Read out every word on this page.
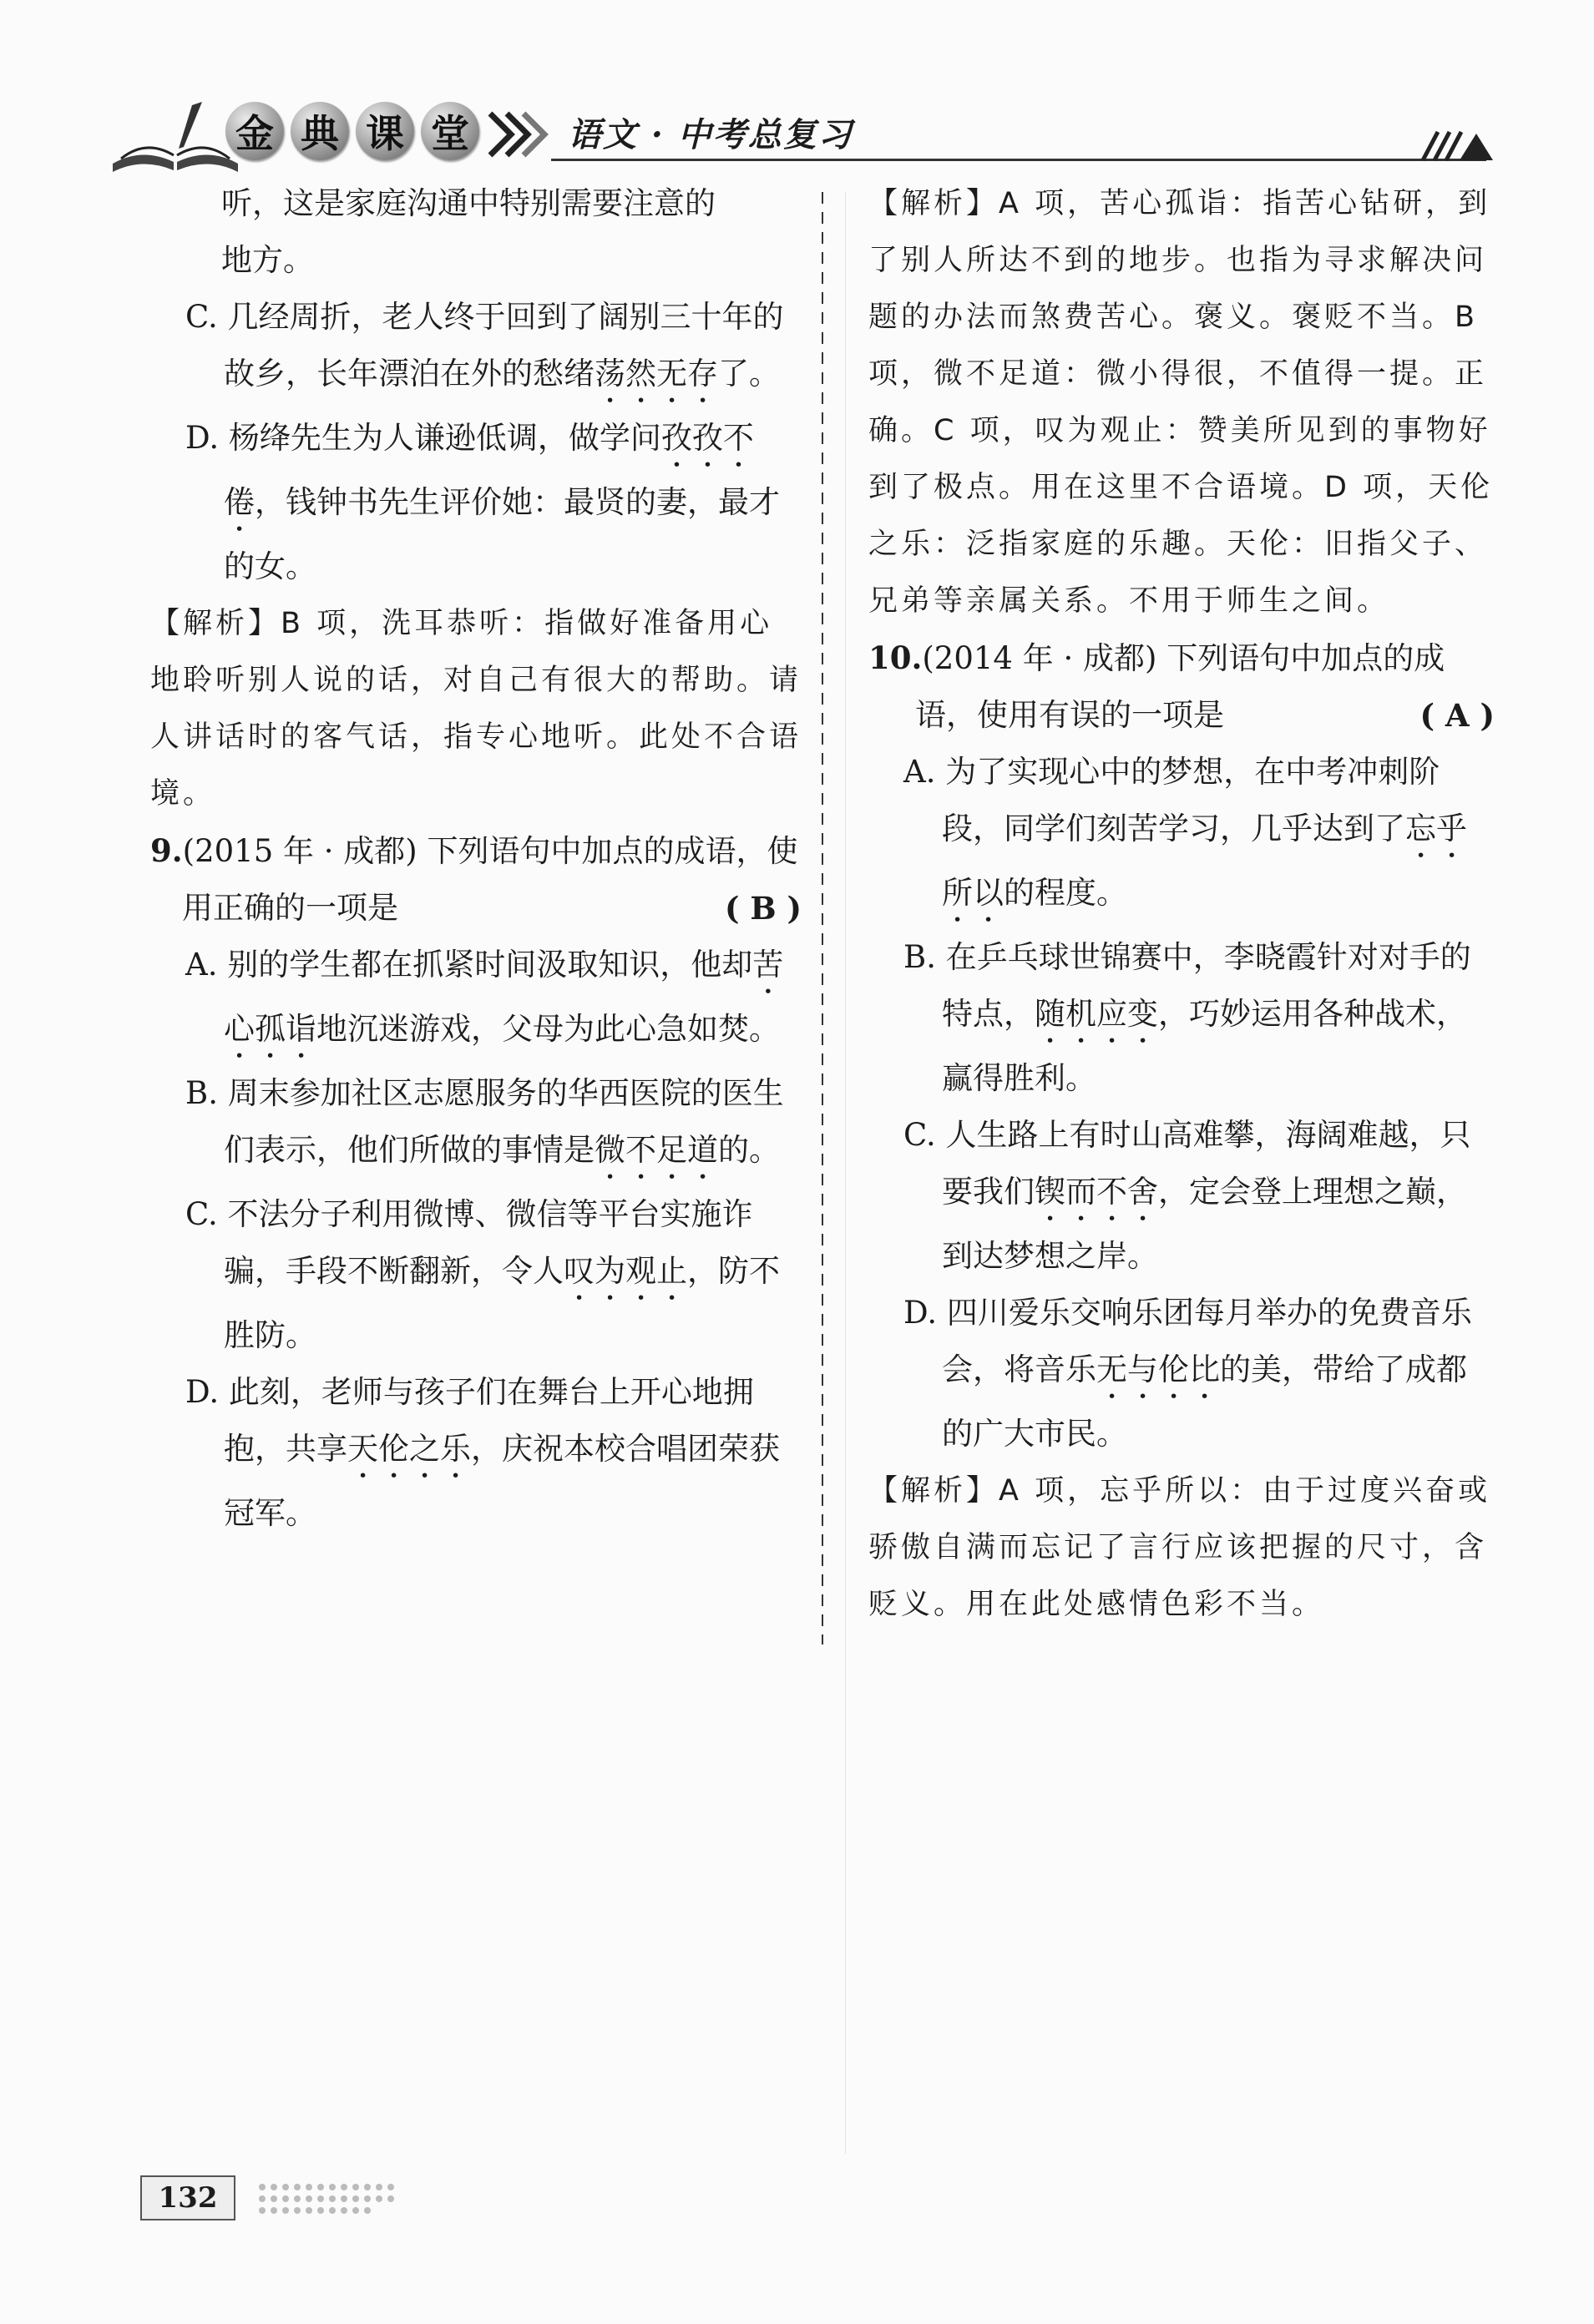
金 典 课 堂	语文 · 中考总复习

听，这是家庭沟通中特别需要注意的
地方。

C. 几经周折，老人终于回到了阔别三十年的故乡，长年漂泊在外的愁绪荡然无存了。

D. 杨绛先生为人谦逊低调，做学问孜孜不倦，钱钟书先生评价她：最贤的妻，最才的女。

【解析】B 项，洗耳恭听：指做好准备用心地聆听别人说的话，对自己有很大的帮助。请人讲话时的客气话，指专心地听。此处不合语境。

9.(2015 年 · 成都) 下列语句中加点的成语，使用正确的一项是	( B )

A. 别的学生都在抓紧时间汲取知识，他却苦心孤诣地沉迷游戏，父母为此心急如焚。

B. 周末参加社区志愿服务的华西医院的医生们表示，他们所做的事情是微不足道的。

C. 不法分子利用微博、微信等平台实施诈骗，手段不断翻新，令人叹为观止，防不胜防。

D. 此刻，老师与孩子们在舞台上开心地拥抱，共享天伦之乐，庆祝本校合唱团荣获冠军。

【解析】A 项，苦心孤诣：指苦心钻研，到了别人所达不到的地步。也指为寻求解决问题的办法而煞费苦心。褒义。褒贬不当。B 项，微不足道：微小得很，不值得一提。正确。C 项，叹为观止：赞美所见到的事物好到了极点。用在这里不合语境。D 项，天伦之乐：泛指家庭的乐趣。天伦：旧指父子、兄弟等亲属关系。不用于师生之间。

10.(2014 年 · 成都) 下列语句中加点的成语，使用有误的一项是	( A )

A. 为了实现心中的梦想，在中考冲刺阶段，同学们刻苦学习，几乎达到了忘乎所以的程度。

B. 在乒乓球世锦赛中，李晓霞针对对手的特点，随机应变，巧妙运用各种战术，赢得胜利。

C. 人生路上有时山高难攀，海阔难越，只要我们锲而不舍，定会登上理想之巅，到达梦想之岸。

D. 四川爱乐交响乐团每月举办的免费音乐会，将音乐无与伦比的美，带给了成都的广大市民。

【解析】A 项，忘乎所以：由于过度兴奋或骄傲自满而忘记了言行应该把握的尺寸，含贬义。用在此处感情色彩不当。

132
